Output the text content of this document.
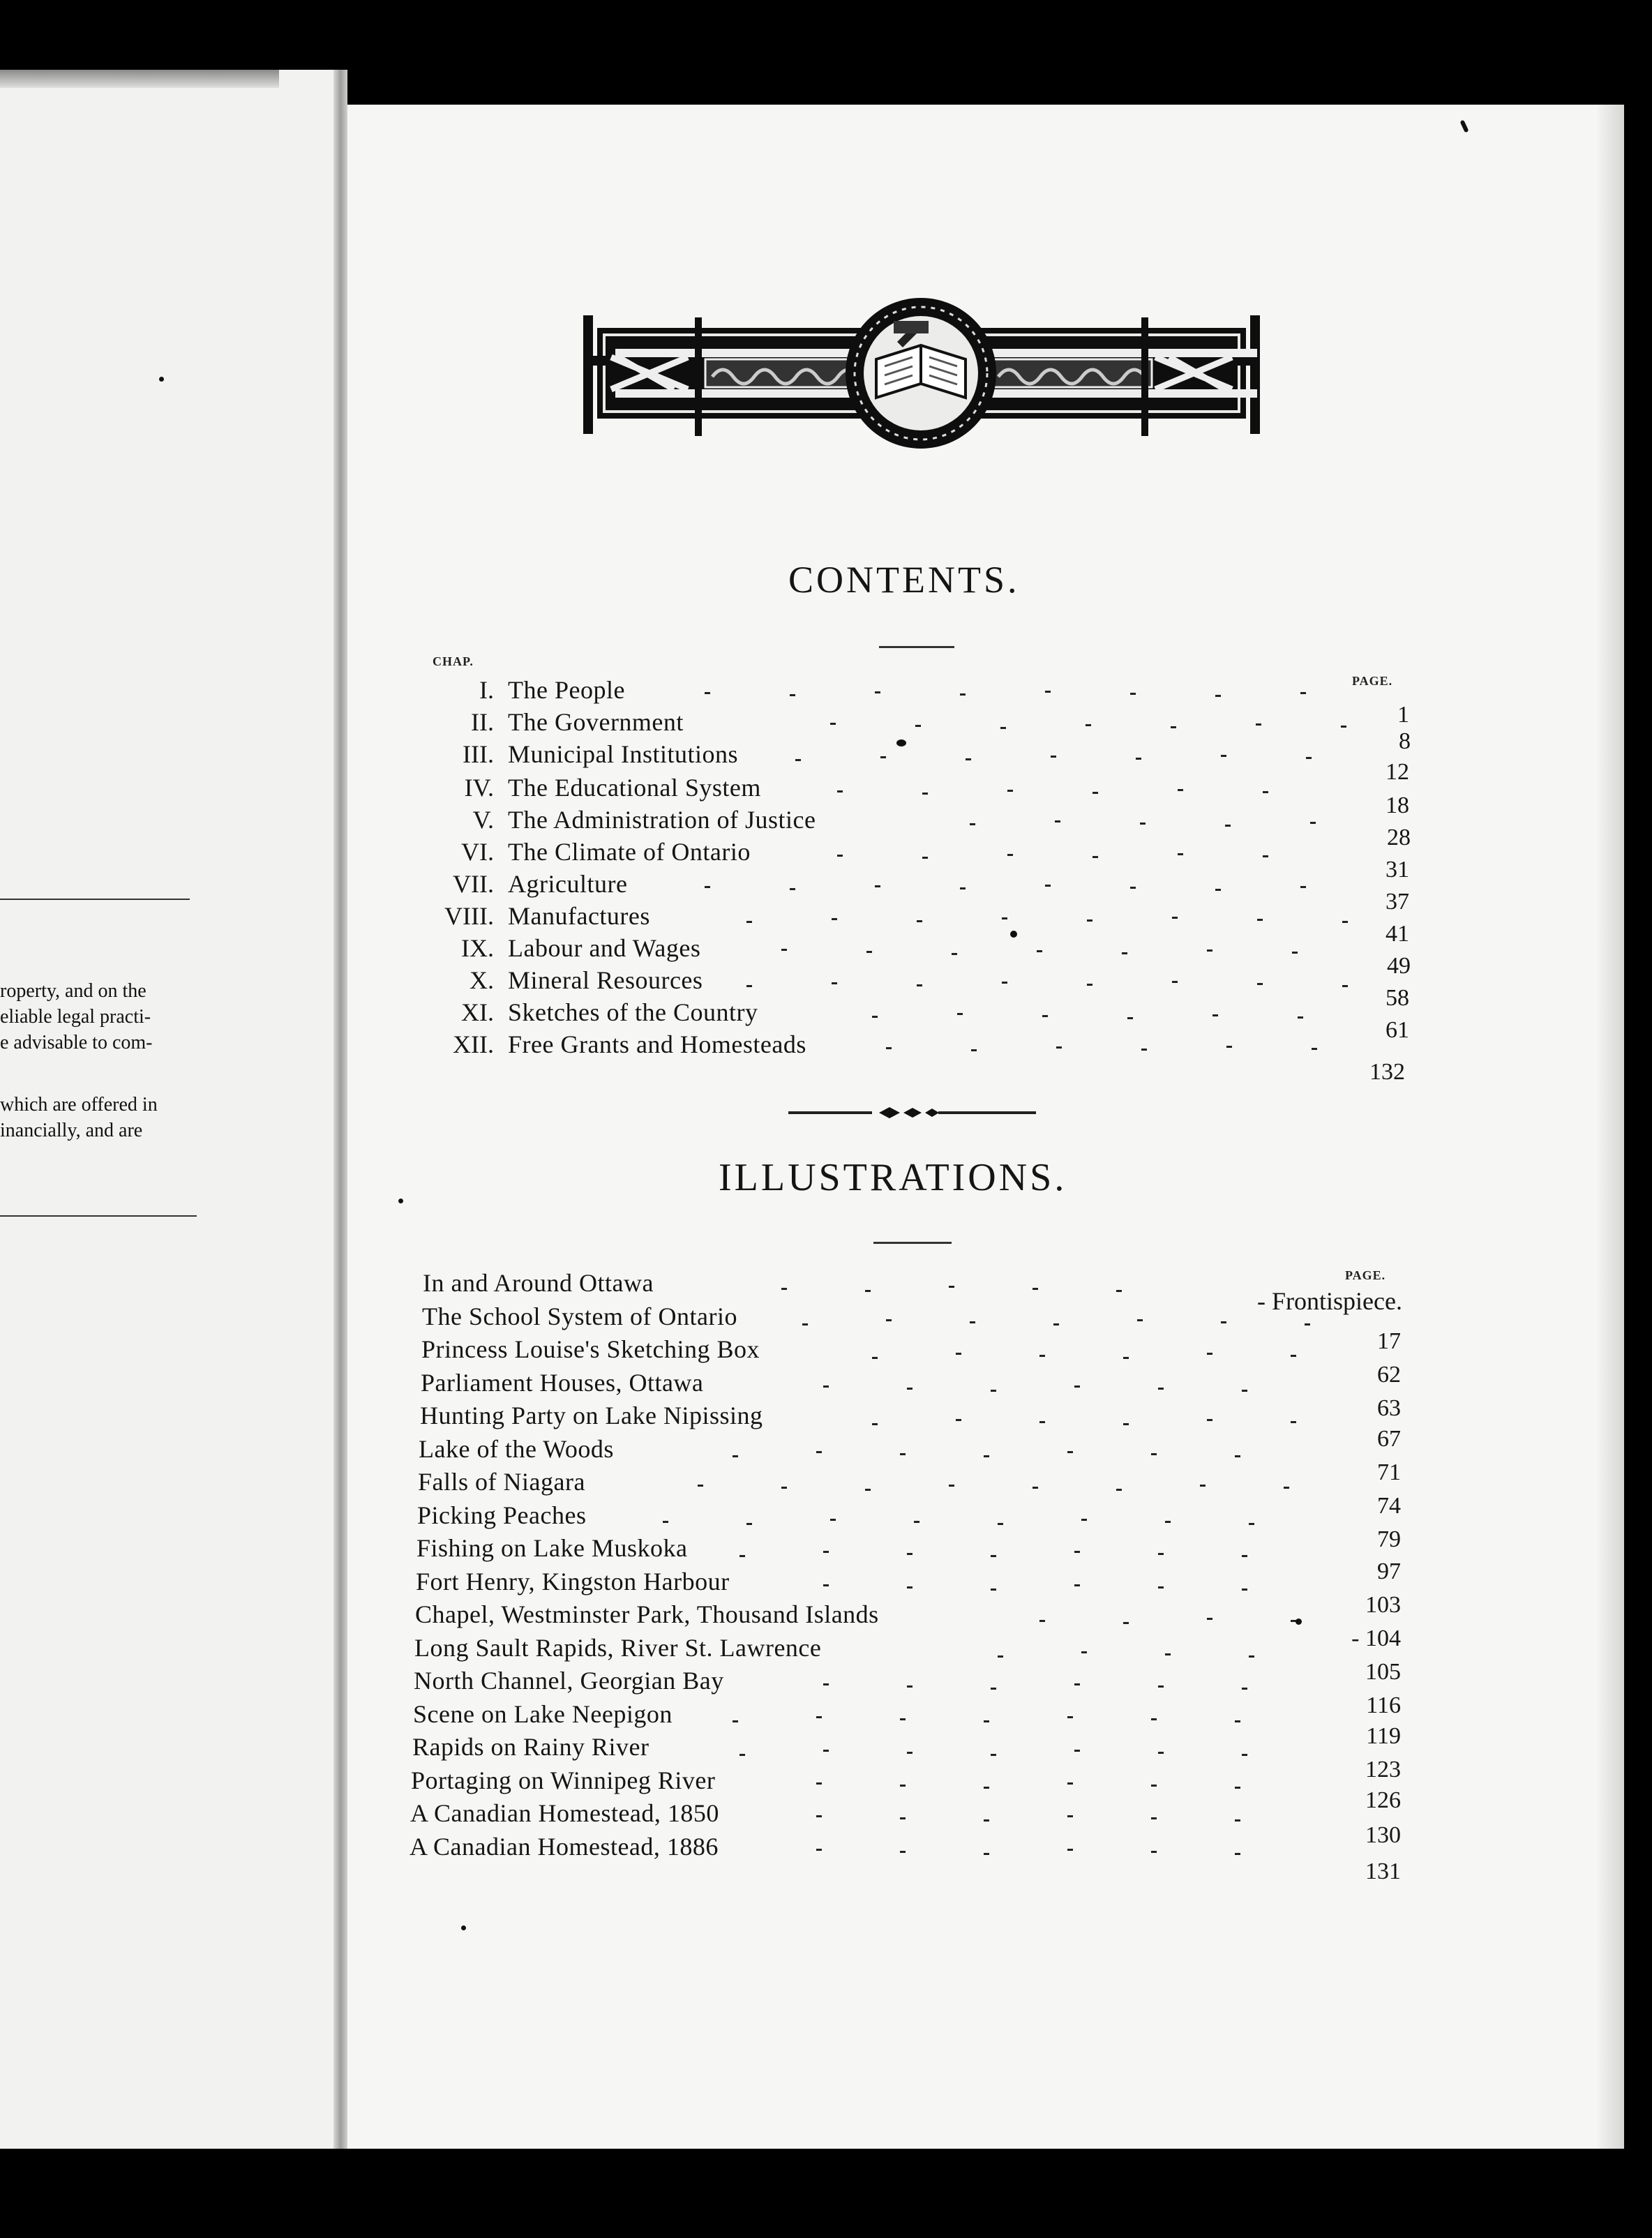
roperty, and on the
eliable legal practi-
e advisable to com-
which are offered in
inancially, and are
CONTENTS.
CHAP.
PAGE.
I. The People
1
II. The Government
8
III. Municipal Institutions
12
IV. The Educational System
18
V. The Administration of Justice
28
VI. The Climate of Ontario
31
VII. Agriculture
37
VIII. Manufactures
41
IX. Labour and Wages
49
X. Mineral Resources
58
XI. Sketches of the Country
61
XII. Free Grants and Homesteads
132
ILLUSTRATIONS.
PAGE.
In and Around Ottawa
- Frontispiece.
The School System of Ontario
17
Princess Louise's Sketching Box
62
Parliament Houses, Ottawa
63
Hunting Party on Lake Nipissing
67
Lake of the Woods
71
Falls of Niagara
74
Picking Peaches
79
Fishing on Lake Muskoka
97
Fort Henry, Kingston Harbour
103
Chapel, Westminster Park, Thousand Islands
- 104
Long Sault Rapids, River St. Lawrence
105
North Channel, Georgian Bay
116
Scene on Lake Neepigon
119
Rapids on Rainy River
123
Portaging on Winnipeg River
126
A Canadian Homestead, 1850
130
A Canadian Homestead, 1886
131
